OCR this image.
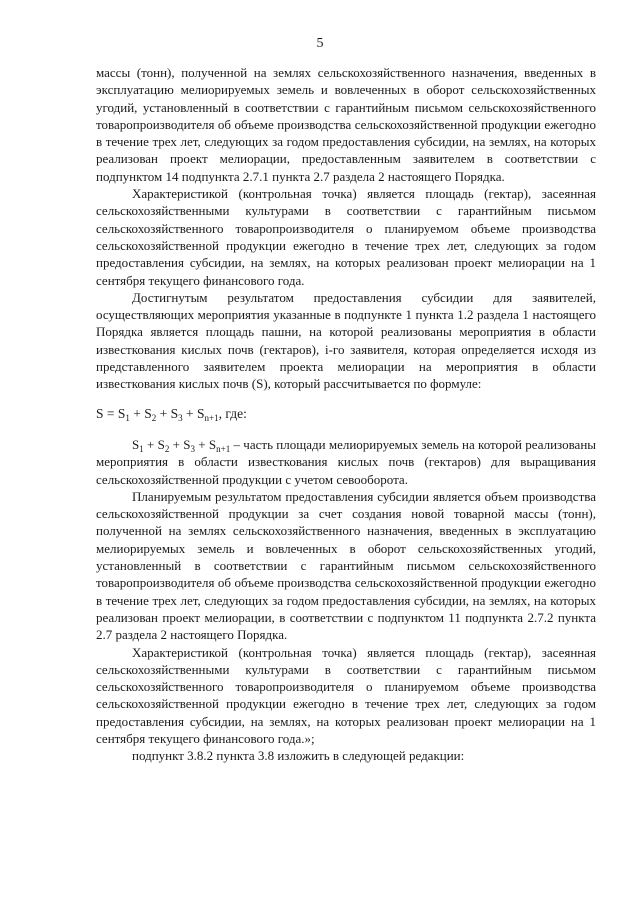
5

массы (тонн), полученной на землях сельскохозяйственного назначения, введенных в эксплуатацию мелиорируемых земель и вовлеченных в оборот сельскохозяйственных угодий, установленный в соответствии с гарантийным письмом сельскохозяйственного товаропроизводителя об объеме производства сельскохозяйственной продукции ежегодно в течение трех лет, следующих за годом предоставления субсидии, на землях, на которых реализован проект мелиорации, предоставленным заявителем в соответствии с подпунктом 14 подпункта 2.7.1 пункта 2.7 раздела 2 настоящего Порядка.

Характеристикой (контрольная точка) является площадь (гектар), засеянная сельскохозяйственными культурами в соответствии с гарантийным письмом сельскохозяйственного товаропроизводителя о планируемом объеме производства сельскохозяйственной продукции ежегодно в течение трех лет, следующих за годом предоставления субсидии, на землях, на которых реализован проект мелиорации на 1 сентября текущего финансового года.

Достигнутым результатом предоставления субсидии для заявителей, осуществляющих мероприятия указанные в подпункте 1 пункта 1.2 раздела 1 настоящего Порядка является площадь пашни, на которой реализованы мероприятия в области известкования кислых почв (гектаров), i-го заявителя, которая определяется исходя из представленного заявителем проекта мелиорации на мероприятия в области известкования кислых почв (S), который рассчитывается по формуле:

$S = S_1 + S_2 + S_3 + S_{n+1}$, где:

$S_1 + S_2 + S_3 + S_{n+1}$ – часть площади мелиорируемых земель на которой реализованы мероприятия в области известкования кислых почв (гектаров) для выращивания сельскохозяйственной продукции с учетом севооборота.

Планируемым результатом предоставления субсидии является объем производства сельскохозяйственной продукции за счет создания новой товарной массы (тонн), полученной на землях сельскохозяйственного назначения, введенных в эксплуатацию мелиорируемых земель и вовлеченных в оборот сельскохозяйственных угодий, установленный в соответствии с гарантийным письмом сельскохозяйственного товаропроизводителя об объеме производства сельскохозяйственной продукции ежегодно в течение трех лет, следующих за годом предоставления субсидии, на землях, на которых реализован проект мелиорации, в соответствии с подпунктом 11 подпункта 2.7.2 пункта 2.7 раздела 2 настоящего Порядка.

Характеристикой (контрольная точка) является площадь (гектар), засеянная сельскохозяйственными культурами в соответствии с гарантийным письмом сельскохозяйственного товаропроизводителя о планируемом объеме производства сельскохозяйственной продукции ежегодно в течение трех лет, следующих за годом предоставления субсидии, на землях, на которых реализован проект мелиорации на 1 сентября текущего финансового года.»;

подпункт 3.8.2 пункта 3.8 изложить в следующей редакции:
